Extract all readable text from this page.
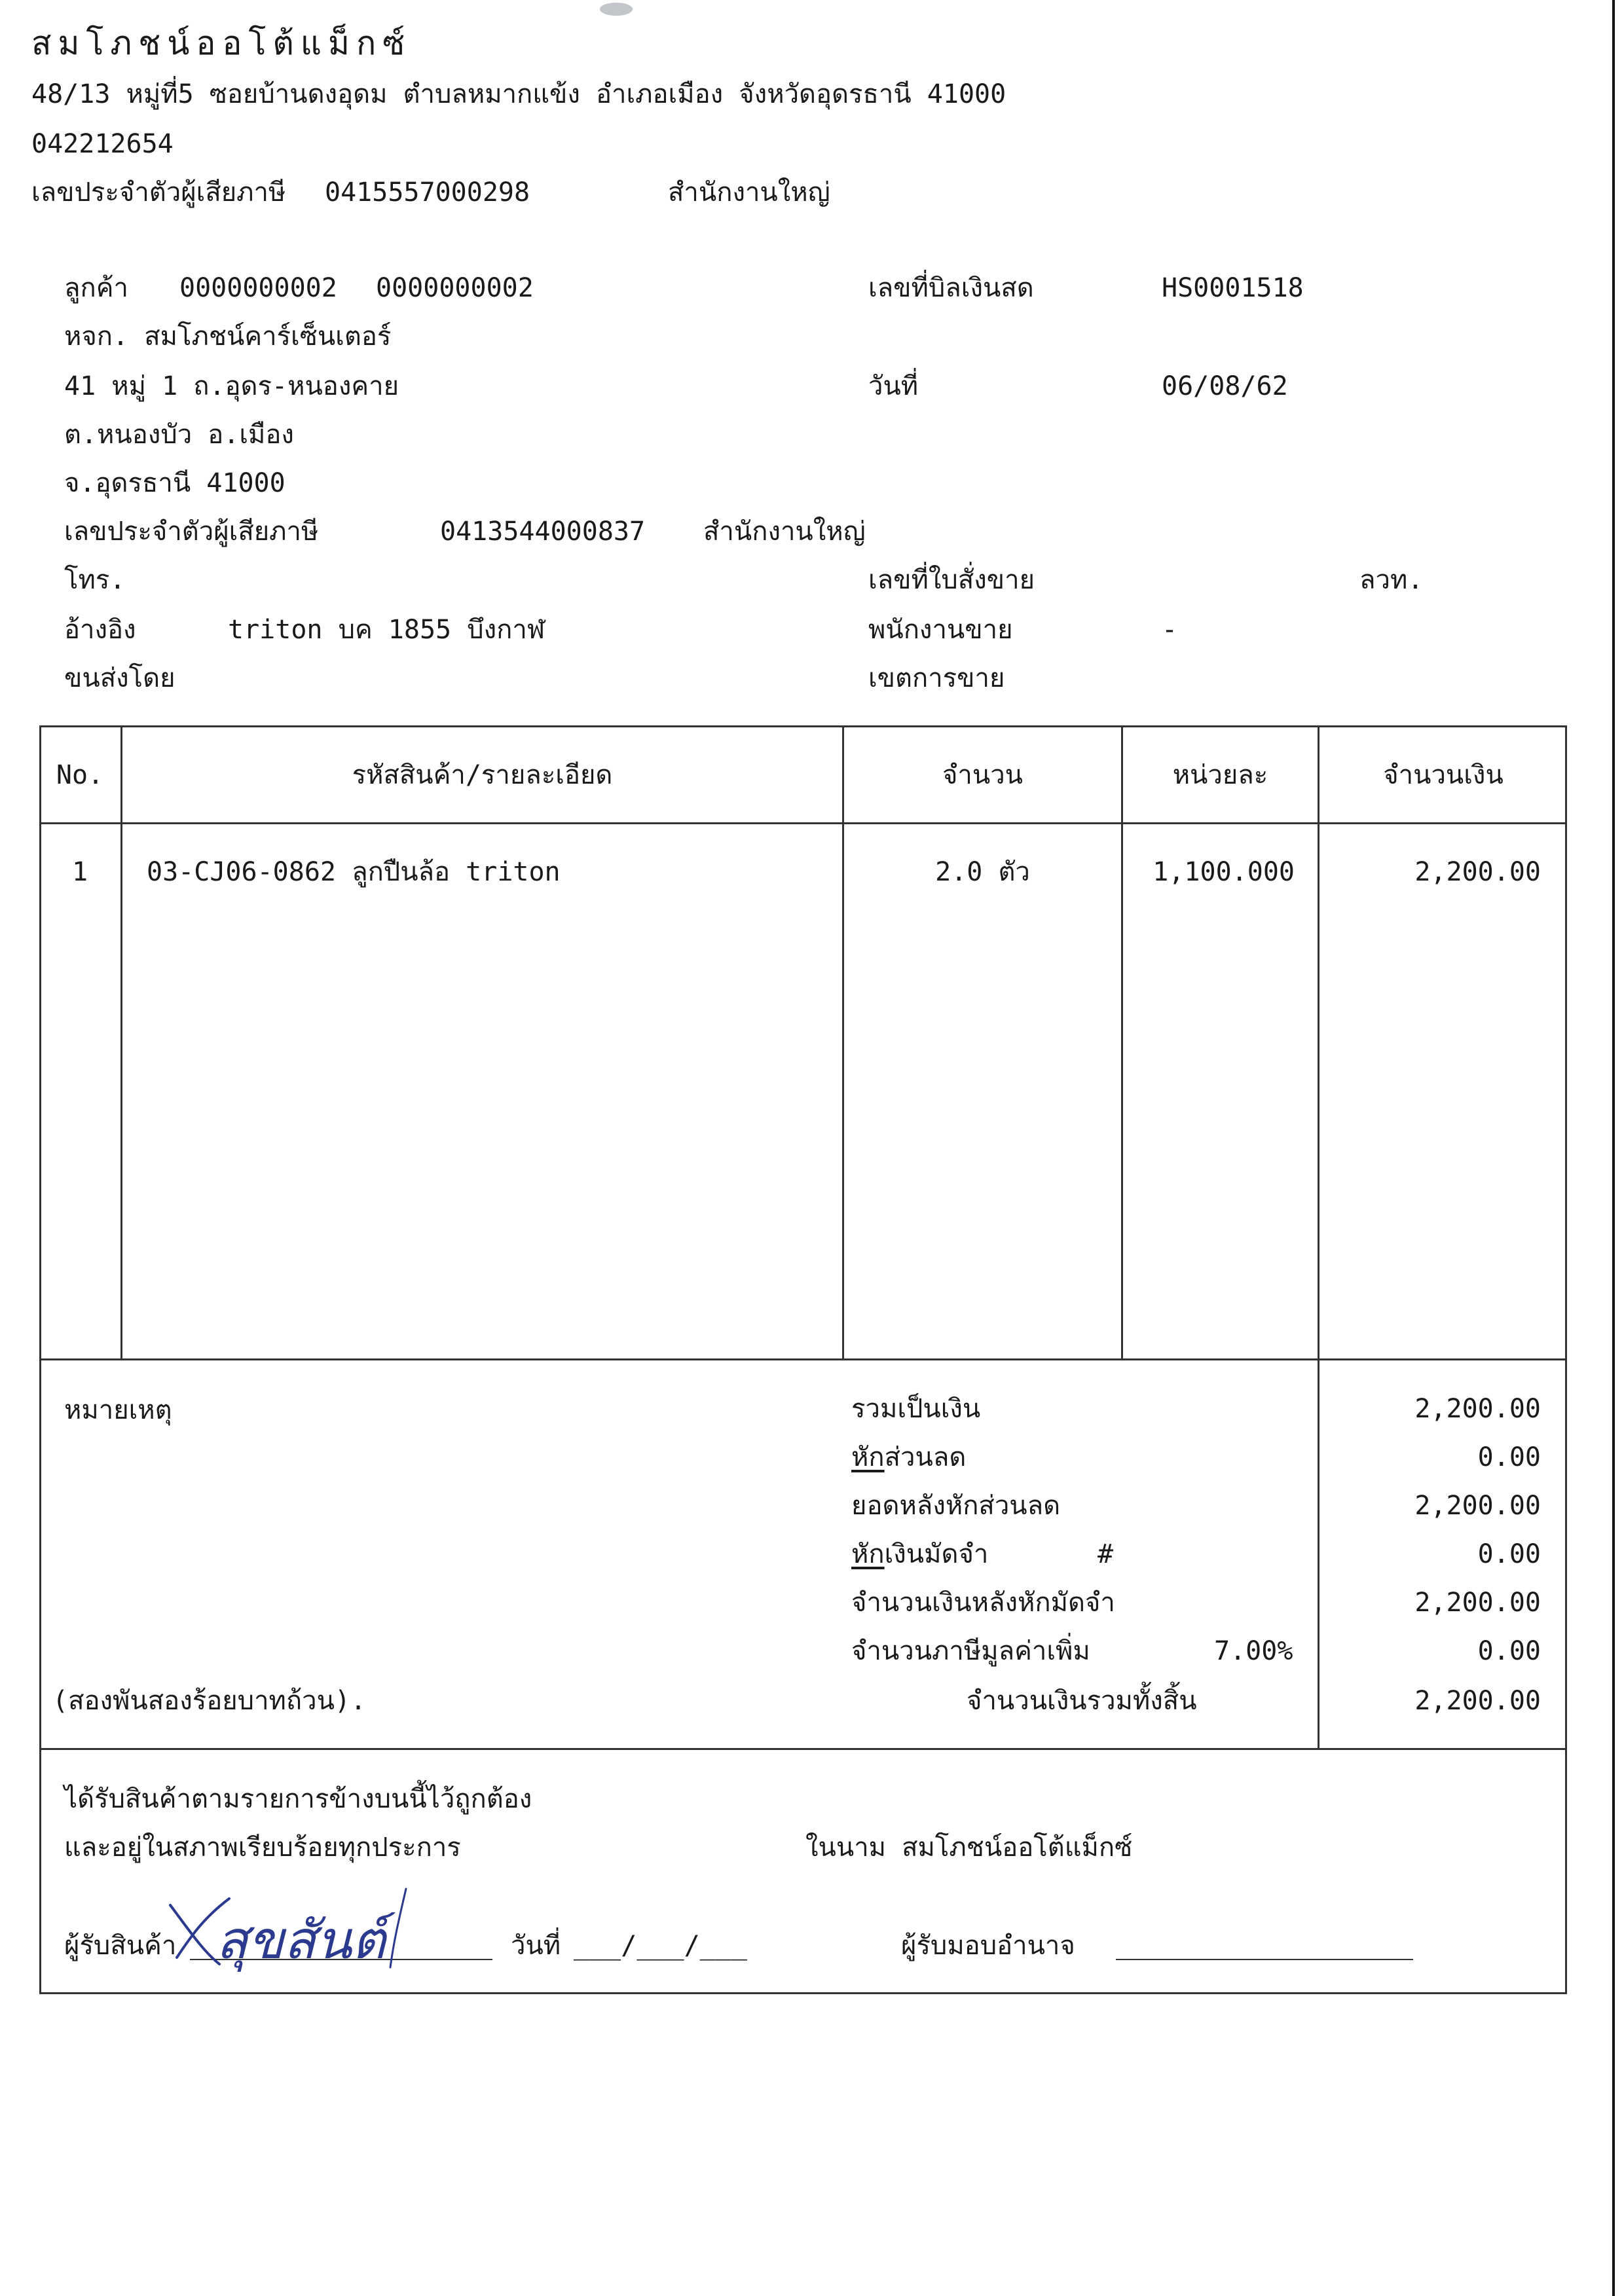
สมโภชน์ออโต้แม็กซ์
48/13 หมู่ที่5 ซอยบ้านดงอุดม ตำบลหมากแข้ง อำเภอเมือง จังหวัดอุดรธานี 41000
042212654
เลขประจำตัวผู้เสียภาษี 0415557000298	สำนักงานใหญ่
ลูกค้า 0000000002 0000000002
หจก. สมโภชน์คาร์เซ็นเตอร์
41 หมู่ 1 ถ.อุดร-หนองคาย
ต.หนองบัว อ.เมือง
จ.อุดรธานี 41000
เลขประจำตัวผู้เสียภาษี	0413544000837 สำนักงานใหญ่
โทร.
อ้างอิง	triton บค 1855 บึงกาฬ
ขนส่งโดย
เลขที่บิลเงินสด	HS0001518
วันที่	06/08/62
เลขที่ใบสั่งขาย	ลวท.
พนักงานขาย	-
เขตการขาย
No.	รหัสสินค้า/รายละเอียด	จำนวน	หน่วยละ	จำนวนเงิน
1	03-CJ06-0862 ลูกปืนล้อ triton	2.0 ตัว	1,100.000	2,200.00
หมายเหตุ	รวมเป็นเงิน	2,200.00
หักส่วนลด	0.00
ยอดหลังหักส่วนลด	2,200.00
หักเงินมัดจำ	#	0.00
จำนวนเงินหลังหักมัดจำ	2,200.00
จำนวนภาษีมูลค่าเพิ่ม	7.00%	0.00
(สองพันสองร้อยบาทถ้วน).	จำนวนเงินรวมทั้งสิ้น	2,200.00
ได้รับสินค้าตามรายการข้างบนนี้ไว้ถูกต้อง
และอยู่ในสภาพเรียบร้อยทุกประการ	ในนาม สมโภชน์ออโต้แม็กซ์
ผู้รับสินค้า สุขสันต์	วันที่ ___/___/___	ผู้รับมอบอำนาจ
